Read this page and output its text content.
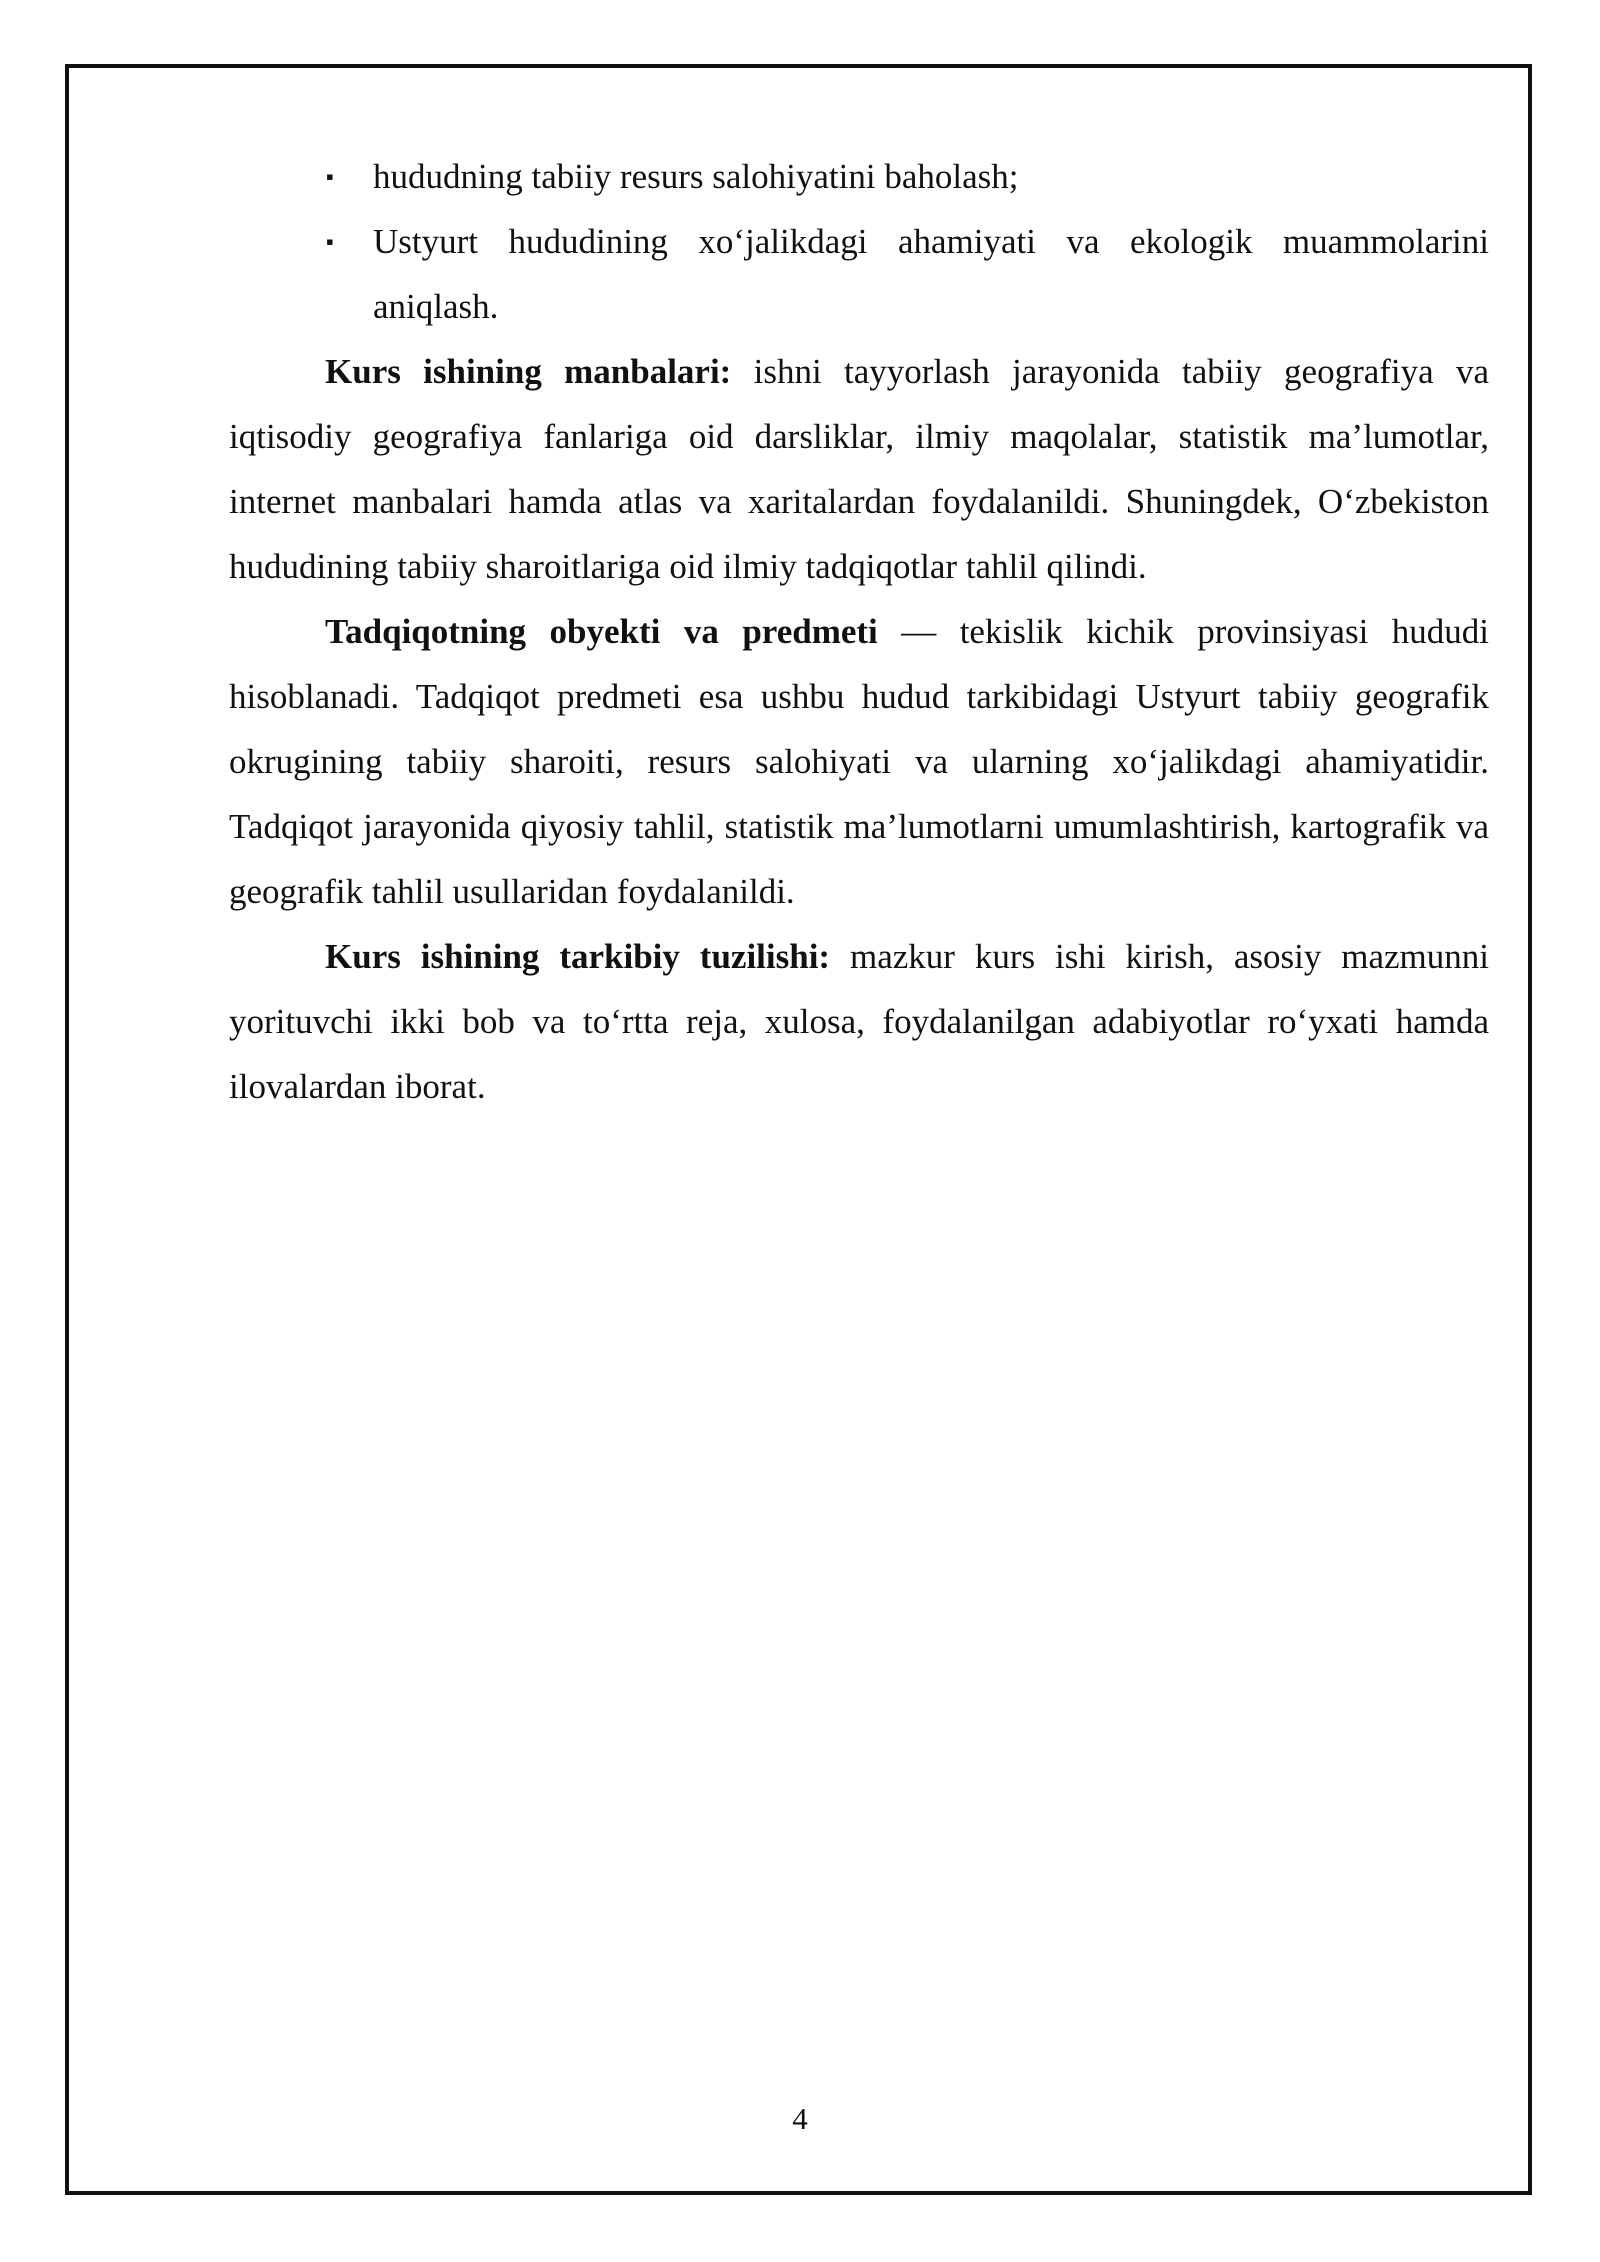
▪ hududning tabiiy resurs salohiyatini baholash;
▪ Ustyurt hududining xo‘jalikdagi ahamiyati va ekologik muammolarini aniqlash.

Kurs ishining manbalari: ishni tayyorlash jarayonida tabiiy geografiya va iqtisodiy geografiya fanlariga oid darsliklar, ilmiy maqolalar, statistik ma’lumotlar, internet manbalari hamda atlas va xaritalardan foydalanildi. Shuningdek, O‘zbekiston hududining tabiiy sharoitlariga oid ilmiy tadqiqotlar tahlil qilindi.

Tadqiqotning obyekti va predmeti — tekislik kichik provinsiyasi hududi hisoblanadi. Tadqiqot predmeti esa ushbu hudud tarkibidagi Ustyurt tabiiy geografik okrugining tabiiy sharoiti, resurs salohiyati va ularning xo‘jalikdagi ahamiyatidir. Tadqiqot jarayonida qiyosiy tahlil, statistik ma’lumotlarni umumlashtirish, kartografik va geografik tahlil usullaridan foydalanildi.

Kurs ishining tarkibiy tuzilishi: mazkur kurs ishi kirish, asosiy mazmunni yorituvchi ikki bob va to‘rtta reja, xulosa, foydalanilgan adabiyotlar ro‘yxati hamda ilovalardan iborat.

4
